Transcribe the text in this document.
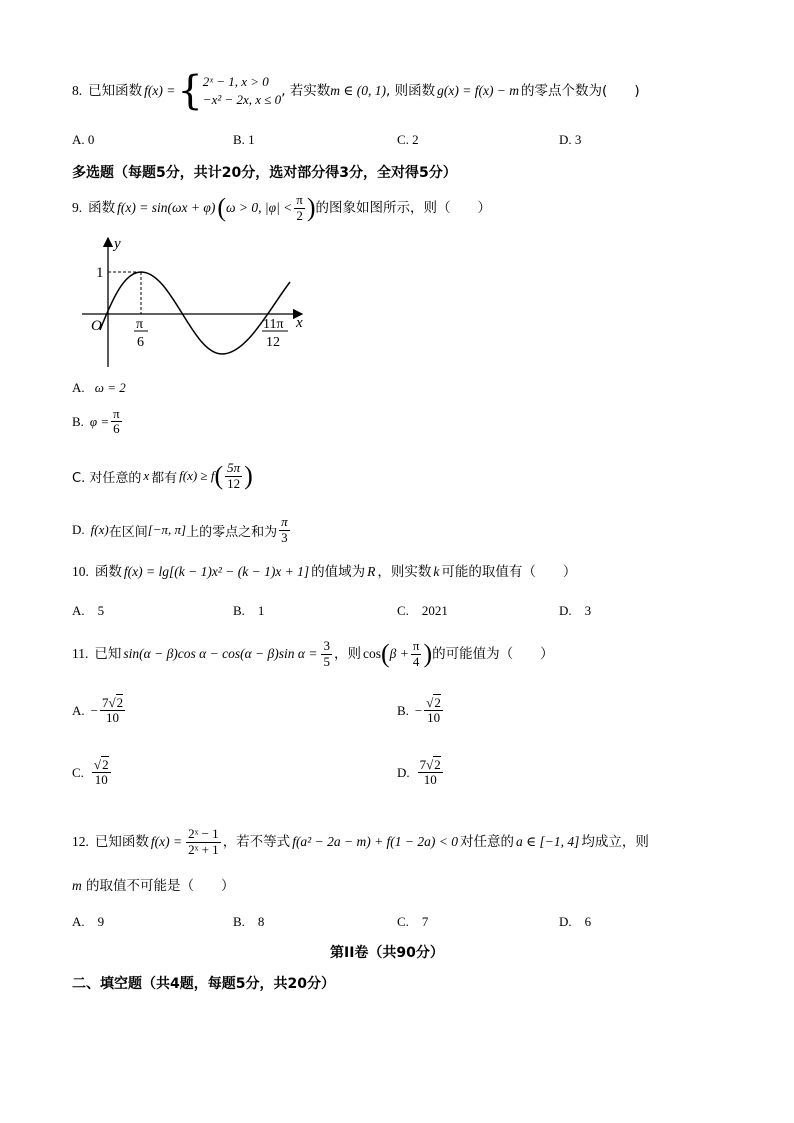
8. 已知函数 f(x) = { 2ˣ − 1, x > 0
−x² − 2x, x ≤ 0
, 若实数 m ∈ (0, 1) , 则函数 g(x) = f(x) − m 的零点个数为(　　)
A. 0	B. 1	C. 2	D. 3
多选题（每题5分，共计20分，选对部分得3分，全对得5分）
9. 函数 f(x) = sin(ωx + φ) ( ω > 0, $|\varphi| < \frac{\pi}{2}$ ) 的图象如图所示，则（　　）
y
x
O
1
π
6
11π
12
A. ω = 2
B. $\varphi = \frac{\pi}{6}$
C. 对任意的 x 都有 f(x) ≥ f ( $\frac{5\pi}{12}$ )
D. f(x) 在区间 [−π, π] 上的零点之和为 $\frac{\pi}{3}$
10. 函数 f(x) = lg[(k − 1)x² − (k − 1)x + 1] 的值域为 R ，则实数 k 可能的取值有（　　）
A.　5	B.　1	C.　2021	D.　3
11. 已知 sin(α − β)cos α − cos(α − β)sin $\alpha = \frac{3}{5}$ ，则 cos ( $\beta + \frac{\pi}{4}$ ) 的可能值为（　　）
A. − $\frac{7√2}{10}$	B. − $\frac{√2}{10}$
C. $\frac{√2}{10}$	D. $\frac{7√2}{10}$
12. 已知函数 $f(x) = \frac{\text{2ˣ − 1}}{\text{2ˣ + 1}}$ ，若不等式 f(a² − 2a − m) + f(1 − 2a) < 0 对任意的 a ∈ [−1, 4] 均成立，则
m 的取值不可能是（　　）
A.　9	B.　8	C.　7	D.　6
第II卷（共90分）
二、填空题（共4题，每题5分，共20分）
